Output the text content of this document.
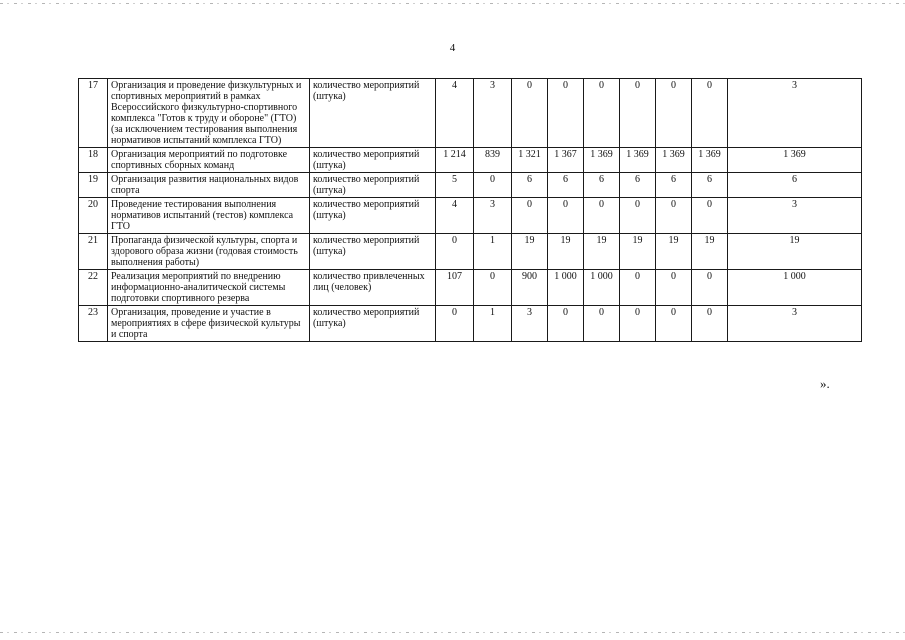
4
17	Организация и проведение физкультурных и спортивных мероприятий в рамках Всероссийского физкультурно-спортивного комплекса "Готов к труду и обороне" (ГТО) (за исключением тестирования выполнения нормативов испытаний комплекса ГТО)	количество мероприятий (штука)	4	3	0	0	0	0	0	0	3
18	Организация мероприятий по подготовке спортивных сборных команд	количество мероприятий (штука)	1 214	839	1 321	1 367	1 369	1 369	1 369	1 369	1 369
19	Организация развития национальных видов спорта	количество мероприятий (штука)	5	0	6	6	6	6	6	6	6
20	Проведение тестирования выполнения нормативов испытаний (тестов) комплекса ГТО	количество мероприятий (штука)	4	3	0	0	0	0	0	0	3
21	Пропаганда физической культуры, спорта и здорового образа жизни (годовая стоимость выполнения работы)	количество мероприятий (штука)	0	1	19	19	19	19	19	19	19
22	Реализация мероприятий по внедрению информационно-аналитической системы подготовки спортивного резерва	количество привлеченных лиц (человек)	107	0	900	1 000	1 000	0	0	0	1 000
23	Организация, проведение и участие в мероприятиях в сфере физической культуры и спорта	количество мероприятий (штука)	0	1	3	0	0	0	0	0	3
».
